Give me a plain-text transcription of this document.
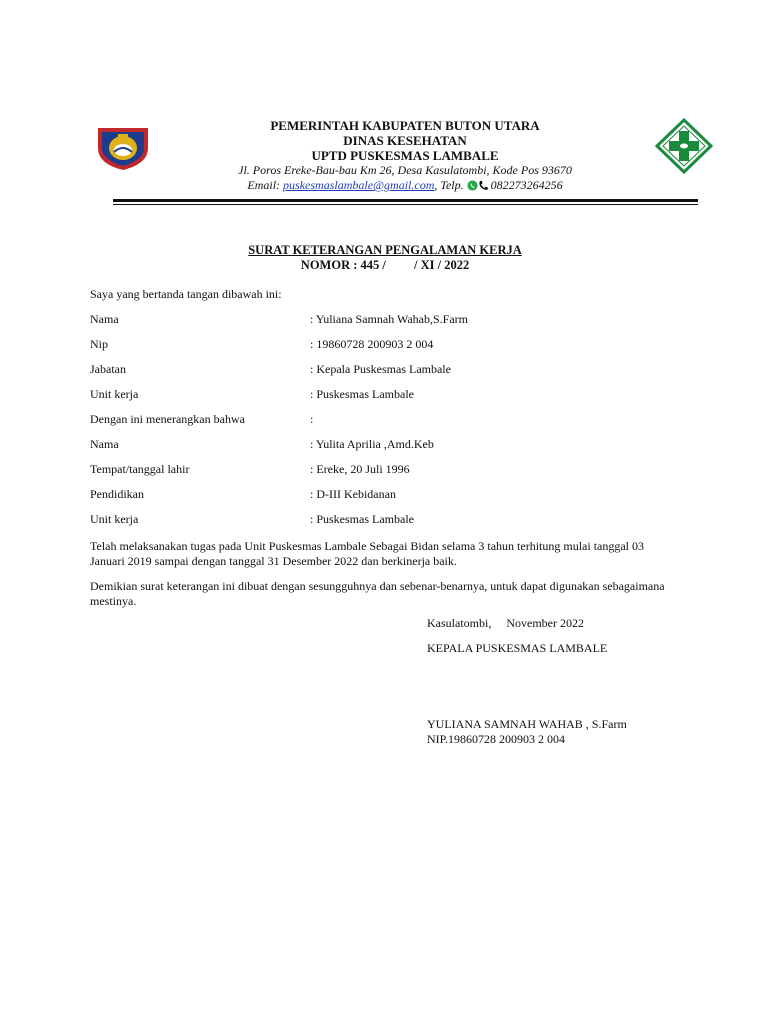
PEMERINTAH KABUPATEN BUTON UTARA

DINAS KESEHATAN

UPTD PUSKESMAS LAMBALE

Jl. Poros Ereke-Bau-bau Km 26, Desa Kasulatombi, Kode Pos 93670

Email: puskesmaslambale@gmail.com, Telp.  082273264256

SURAT KETERANGAN PENGALAMAN KERJA

NOMOR : 445 /         / XI / 2022

Saya yang bertanda tangan dibawah ini:

Nama	: Yuliana Samnah Wahab,S.Farm
Nip	: 19860728 200903 2 004
Jabatan	: Kepala Puskesmas Lambale
Unit kerja	: Puskesmas Lambale
Dengan ini menerangkan bahwa	:
Nama	: Yulita Aprilia ,Amd.Keb
Tempat/tanggal lahir	: Ereke, 20 Juli 1996
Pendidikan	: D-III Kebidanan
Unit kerja	: Puskesmas Lambale

Telah melaksanakan tugas pada Unit Puskesmas Lambale Sebagai Bidan selama 3 tahun terhitung mulai tanggal 03 Januari 2019 sampai dengan tanggal 31 Desember 2022 dan berkinerja baik.

Demikian surat keterangan ini dibuat dengan sesungguhnya dan sebenar-benarnya, untuk dapat digunakan sebagaimana mestinya.

Kasulatombi,     November 2022

KEPALA PUSKESMAS LAMBALE

YULIANA SAMNAH WAHAB , S.Farm

NIP.19860728 200903 2 004
